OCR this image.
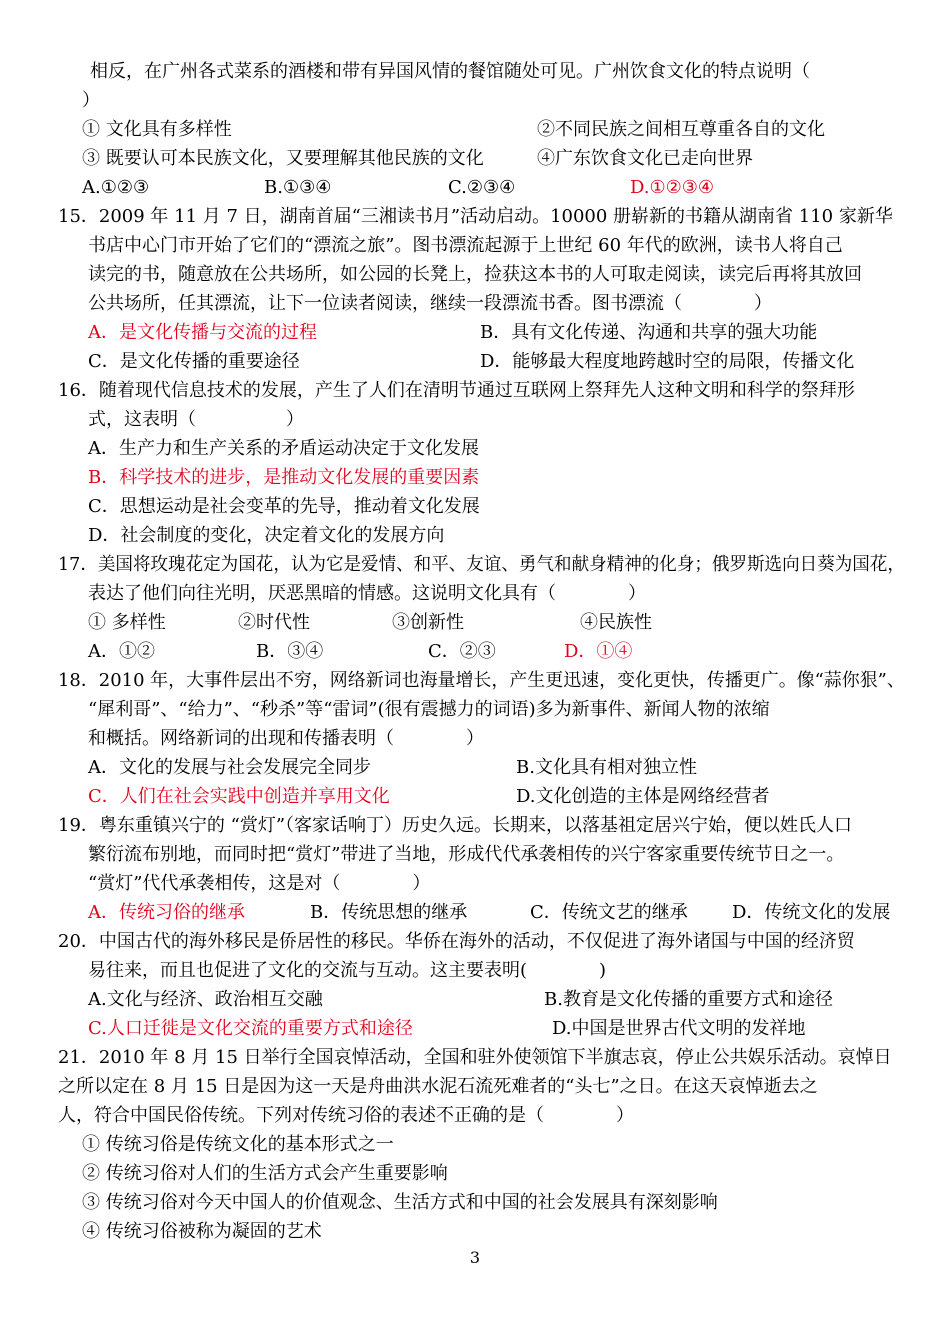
相反，在广州各式菜系的酒楼和带有异国风情的餐馆随处可见。广州饮食文化的特点说明（
）
① 文化具有多样性	②不同民族之间相互尊重各自的文化
③ 既要认可本民族文化，又要理解其他民族的文化	④广东饮食文化已走向世界
A.①②③	B.①③④	C.②③④	D.①②③④
15．2009 年 11 月 7 日，湖南首届“三湘读书月”活动启动。10000 册崭新的书籍从湖南省 110 家新华
书店中心门市开始了它们的“漂流之旅”。图书漂流起源于上世纪 60 年代的欧洲，读书人将自己
读完的书，随意放在公共场所，如公园的长凳上，捡获这本书的人可取走阅读，读完后再将其放回
公共场所，任其漂流，让下一位读者阅读，继续一段漂流书香。图书漂流（　　　　）
A．是文化传播与交流的过程	B．具有文化传递、沟通和共享的强大功能
C．是文化传播的重要途径	D．能够最大程度地跨越时空的局限，传播文化
16．随着现代信息技术的发展，产生了人们在清明节通过互联网上祭拜先人这种文明和科学的祭拜形
式，这表明（　　　　　）
A．生产力和生产关系的矛盾运动决定于文化发展
B．科学技术的进步，是推动文化发展的重要因素
C．思想运动是社会变革的先导，推动着文化发展
D．社会制度的变化，决定着文化的发展方向
17．美国将玫瑰花定为国花，认为它是爱情、和平、友谊、勇气和献身精神的化身；俄罗斯选向日葵为国花，
表达了他们向往光明，厌恶黑暗的情感。这说明文化具有（　　　　）
① 多样性	②时代性	③创新性	④民族性
A．①②	B．③④	C．②③	D．①④
18．2010 年，大事件层出不穷，网络新词也海量增长，产生更迅速，变化更快，传播更广。像“蒜你狠”、
“犀利哥”、“给力”、“秒杀”等“雷词”(很有震撼力的词语)多为新事件、新闻人物的浓缩
和概括。网络新词的出现和传播表明（　　　　）
A．文化的发展与社会发展完全同步	B.文化具有相对独立性
C．人们在社会实践中创造并享用文化	D.文化创造的主体是网络经营者
19．粤东重镇兴宁的 “赏灯”（客家话响丁）历史久远。长期来，以落基祖定居兴宁始，便以姓氏人口
繁衍流布别地，而同时把“赏灯”带进了当地，形成代代承袭相传的兴宁客家重要传统节日之一。
“赏灯”代代承袭相传，这是对（　　　　）
A．传统习俗的继承	B．传统思想的继承	C．传统文艺的继承 D．传统文化的发展
20．中国古代的海外移民是侨居性的移民。华侨在海外的活动，不仅促进了海外诸国与中国的经济贸
易往来，而且也促进了文化的交流与互动。这主要表明(　　　　)
A.文化与经济、政治相互交融	B.教育是文化传播的重要方式和途径
C.人口迁徙是文化交流的重要方式和途径	D.中国是世界古代文明的发祥地
21．2010 年 8 月 15 日举行全国哀悼活动，全国和驻外使领馆下半旗志哀，停止公共娱乐活动。哀悼日
之所以定在 8 月 15 日是因为这一天是舟曲洪水泥石流死难者的“头七”之日。在这天哀悼逝去之
人，符合中国民俗传统。下列对传统习俗的表述不正确的是（　　　　）
① 传统习俗是传统文化的基本形式之一
② 传统习俗对人们的生活方式会产生重要影响
③ 传统习俗对今天中国人的价值观念、生活方式和中国的社会发展具有深刻影响
④ 传统习俗被称为凝固的艺术
3
